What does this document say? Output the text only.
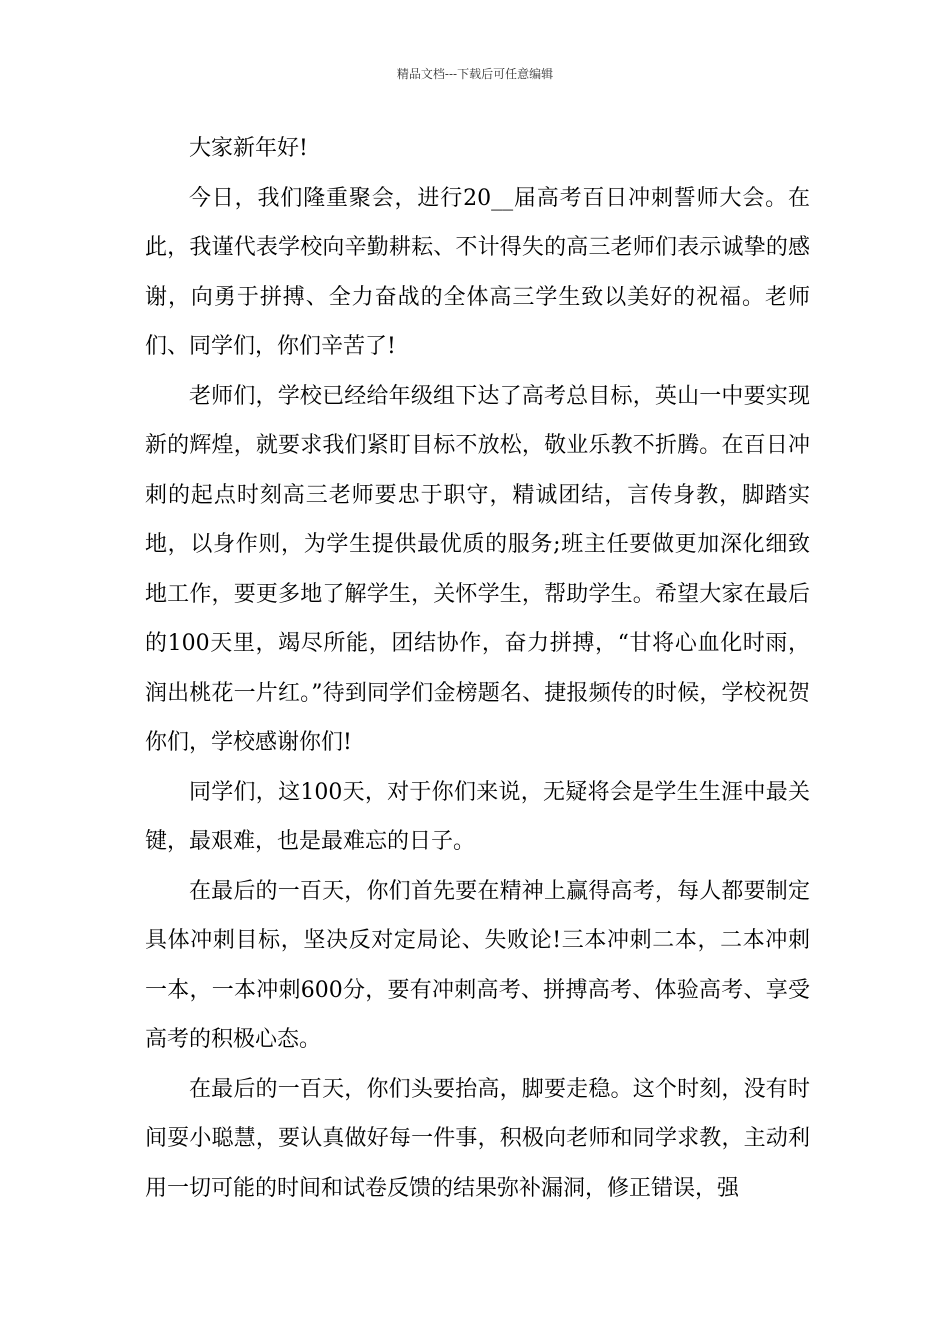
精品文档---下载后可任意编辑

大家新年好!

今日，我们隆重聚会，进行20__届高考百日冲刺誓师大会。在此，我谨代表学校向辛勤耕耘、不计得失的高三老师们表示诚挚的感谢，向勇于拼搏、全力奋战的全体高三学生致以美好的祝福。老师们、同学们，你们辛苦了!

老师们，学校已经给年级组下达了高考总目标，英山一中要实现新的辉煌，就要求我们紧盯目标不放松，敬业乐教不折腾。在百日冲刺的起点时刻高三老师要忠于职守，精诚团结，言传身教，脚踏实地，以身作则，为学生提供最优质的服务;班主任要做更加深化细致地工作，要更多地了解学生，关怀学生，帮助学生。希望大家在最后的100天里，竭尽所能，团结协作，奋力拼搏，“甘将心血化时雨，润出桃花一片红。”待到同学们金榜题名、捷报频传的时候，学校祝贺你们，学校感谢你们!

同学们，这100天，对于你们来说，无疑将会是学生生涯中最关键，最艰难，也是最难忘的日子。

在最后的一百天，你们首先要在精神上赢得高考，每人都要制定具体冲刺目标，坚决反对定局论、失败论!三本冲刺二本，二本冲刺一本，一本冲刺600分，要有冲刺高考、拼搏高考、体验高考、享受高考的积极心态。

在最后的一百天，你们头要抬高，脚要走稳。这个时刻，没有时间耍小聪慧，要认真做好每一件事，积极向老师和同学求教，主动利用一切可能的时间和试卷反馈的结果弥补漏洞，修正错误，强
